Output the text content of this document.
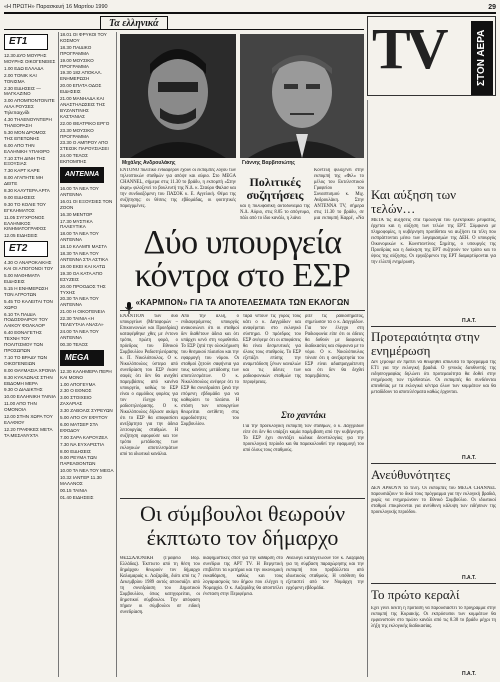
«Η ΠΡΩΤΗ» Παρασκευή 16 Μαρτίου 1990	29
Τα ελληνικά	TV	ΣΤΟΝ ΑΕΡΑ
ΕΤ1
12.30 ΔΥΟ ΜΟΥΡΗΣ ΜΟΥΡΗΣ ΟΙΚΟΓΕΝΕΙΕΣ
1.00 ΕΔΩ ΕΛΛΑΔΑ
2.00 ΤΟΝΙΚ ΚΑΙ ΤΟΝΙΣΜΑ
2.30 ΕΙΔΗΣΕΙΣ — ΜΑΓΚΑΖΙΝΟ
3.00 ΑΠΟΜΠΟΝΤΟΝΙΤΕ ΑΙΛΑ ΡΟΥΣΕΣ Τηλεπαιχνίδι
4.30 ΤΗΛΕΝΟΥΝΤΕΡΗ ΤΗΛΕΟΡΑΣΗ
5.30 ΜΟΝ ΔΡΟΜΟΣ ΤΗΣ ΕΠΕΤΩΝΗΣ
6.00 ΑΠΟ ΤΗΝ ΕΛΛΗΝΙΚΗ ΥΠΑΙΘΡΟ
7.10 ΣΤΗ ΔΙΝΗ ΤΗΣ ΕΞΟΥΣΙΑΣ
7.30 ΚΑΡΤ ΚΑΡΕ
8.00 ΑΓΑΠΗΤΕ ΜΗ ΔΕΙΤΕ
8.30 ΚΑΛΥΤΕΡΑ ΑΡΓΑ
9.00 ΕΙΔΗΣΕΙΣ
9.30 ΤΟ ΚΟΛΙΕ ΤΟΥ ΕΓΚΛΗΜΑΤΟΣ
11.05 ΣΥΓΧΡΟΝΟΣ ΕΛΛΗΝΙΚΟΣ ΚΙΝΗΜΑΤΟΓΡΑΦΟΣ
12.05 ΕΙΔΗΣΕΙΣ
ΕΤ2
4.30 Ο ΑΝΑΡΟΚΑΙΚΗΣ ΚΑΙ ΟΙ ΑΠΟΓΟΝΟΙ ΤΟΥ
5.00 ΜΑΘΗΜΑΤΑ ΕΙΔΗΣΕΙΣ
5.15 Η ΕΝΗΜΕΡΩΣΗ ΤΟΝ ΑΓΡΟΤΩΝ
5.45 ΤΟ ΚΑΛΕΙΤΑΙ ΤΟΝ ΧΩΡΟ
6.10 ΤΑ ΠΑΙΔΙΑ ΠΟΔΟΣΦΑΙΡΟΥ ΤΟΥ ΛΑΙΚΟΥ ΦΟΛΚΛΟΡ
6.40 ΕΘΝΑΓΕΤΗΣ ΤΕΧΝΗ ΤΟΥ ΠΟΛΙΤΙΣΜΟΥ ΤΩΝ ΠΡΟΣΩΠΩΝ
7.10 ΤΟ ΒΡΑΔΥ ΤΩΝ ΟΙΚΟΓΕΝΕΙΩΝ
8.00 ΘΑΥΜΑΣΙΑ ΧΡΟΝΙΑ
8.30 ΚΥΚΛΩΝΑΣ ΣΤΗΝ ΕΒΔΟΜΗ ΜΕΡΑ
9.30 Ο ΔΙΑΔΙΚΤΗΣ
10.00 ΕΛΛΗΝΙΚΗ ΤΑΙΝΙΑ
11.00 ΑΠΟ ΤΗΝ ΟΜΟΝΟΙΑ
12.00 ΣΤΗΝ ΧΩΡΑ ΤΟΥ ΕΛΑΦΙΟΥ
12.20 ΓΡΑΦΙΚΕΣ ΜΕΤΑ ΤΑ ΜΕΣΑΝΥΧΤΑ
18.01 ΟΙ ΦΡΥΚΟΙ ΤΟΥ ΚΟΣΜΟΥ
18.30 ΠΑΙΔΙΚΟ ΠΡΟΓΡΑΜΜΑ
19.00 ΜΟΥΣΙΚΟ ΠΡΟΓΡΑΜΜΑ
19.30 182 ΑΠΟΚΑΛ. ΕΝΗΜΕΡΩΣΗ
20.00 ΕΠΑΤΑ ΟΔΟΣ ΕΙΔΗΣΕΙΣ
21.00 ΜΑΝΗΑΔΑ ΚΑΙ ΑΝΑΣΤΗΛΩΣΕΙΣ ΤΗΣ ΒΥΖΑΝΤΙΝΗΣ ΚΑΣΤΑΝΙΑΣ
22.00 ΘΕΑΤΡΙΚΟ ΕΡΓΟ
23.30 ΜΟΥΣΙΚΟ ΠΡΟΓΡΑΜΜΑ
23.30 Ο ΑΜΠΡΟΥ ΑΠΟ ΣΤΕΙΣΙΚ ΠΑΡΟΥΣΙΑΣΕΙ
24.00 ΤΕΛΟΣ ΕΚΠΟΜΠΗΣ
ANTENNA
16.00 ΤΑ ΝΕΑ ΤΟΥ ANTENNA
16.01 ΟΙ ΕΞΟΥΣΙΕΣ ΤΟΝ ΖΟΟΝ
16.30 ΜΕΝΤΟΡ
17.30 ΜΥΣΤΙΚΑ ΠΑΛΕΥΤΙΚΑ
18.00 ΤΑ ΝΕΑ ΤΟΥ ANTENNA
18.10 ΚΛΑΜΠΙ ΜΑΣΤΑ
18.30 ΤΑ ΝΕΑ ΤΟΥ ANTENNA ΣΤΑ ΑΣΤΙΚΑ
19.00 ΕΚΕΙ ΚΑΙ ΚΑΤΩ
19.30 ΟΑ ΚΑΤΑ ΑΠΟ ΕΣΥΖΕΙΣ
20.00 ΠΡΟΟΔΟΣ ΤΗΣ ΤΥΧΗΣ
20.30 ΤΑ ΝΕΑ ΤΟΥ ANTENNA
21.00 Η ΟΙΚΟΓΕΝΕΙΑ
22.30 ΤΑΙΝΙΑ «Η ΤΕΛΕΥΤΑΙΑ ΑΝΑΣΑ»
24.00 ΤΑ ΝΕΑ ΤΟΥ ANTENNA
00.30 ΤΕΛΟΣ
MEGA
12.30 ΚΑΛΗΜΕΡΑ ΠΕΡΗ ΚΑΙ ΜΟΝΟ
1.00 ΑΠΟΓΕΥΜΑ
2.30 Ο ΕΘΝΟΣ
3.00 ΣΤΟΙΧΕΙΟ ΖΑΧΑΡΙΑΣ
3.30 ΖΑΒΟΛΙΣ ΣΥΡΕΥΩΝ
5.00 ΑΠΟ ΟΥ ΕΦΥΤΟΥ
6.00 ΜΑΤΣΕΡ ΣΤΑ ΕΦΟΔΟΥ
7.00 ΣΑΡΑ ΚΑΡΟΥΖΕΛ
7.30 ΝΑ ΕΥΧΑΡΙΣΤΙΑ
8.00 ΕΙΔΗΣΕΙΣ
9.00 ΡΕΥΜΑ ΤΩΝ ΠΑΡΕΛΘΟΝΤΩΝ
10.00 ΤΑ ΝΕΑ ΤΟΥ MEGA
10.32 ΙΑΝΤΕΡ 11.30 ΜΑΛΑΝΟΣ
00.15 ΤΑΙΝΙΑ
01.40 ΕΙΔΗΣΕΙΣ
Μιχάλης Ανδρουλάκης	Γιάννης Βαρβιτσιώτης
ΕΝΤΟΝΟ πολιτικό ενδιαφέρον έχουν οι εκπομπές λόγου των τηλεοπτικών σταθμών για απόψε και αύριο. Στο MEGA CHANNEL, σήμερα στις 11.30 το βράδυ, η εκπομπή «Στην άκρη» φιλοξενεί το βουλευτή της Ν.Δ. κ. Σταύρο Φαλασ και την συνδυαζόμενη του ΠΑΣΟΚ κ. Ε. Αγγελική. Θέμα της συζήτησης: οι θέσεις της εβδομάδας, οι φοιτητικές παραγρμένες.
Πολιτικές συζητήσεις
και η πολυφάσικη αυτοδυναμία της Ν.Δ. Αύριο, στις 8.05 το απόγευμα, πάλι από το ίδιο κανάλι, η λιάνα
Κοντέλη φιλοξενεί στην εκπομπή της «Φιλ» το μέλος του Εκτελεστικού Γραφείου του Συνασπισμού κ. Μιχ. Ανδρουλάκη. Στην ANTENNA TV, σήμερα στις 11.30 το βράδυ, σε μια εκπομπή Καρρέ, «Να
Δύο υπουργεία κόντρα στο ΕΣΡ
«ΚΑΡΜΠΟΝ» ΓΙΑ ΤΑ ΑΠΟΤΕΛΕΣΜΑΤΑ ΤΩΝ ΕΚΛΟΓΩΝ
ΕΝΑΝΤΙΟΝ των δύο υπουργείων (Μεταφορών – Επικοινωνιών και Προεδρίας) καταφέρθηκε χθες με έντονο τρόπο, πρώτη φορά, ο πρόεδρος του Εθνικού Συμβουλίου Ραδιοτηλεόρασης κ. Π. Νικολόπουλος. Ο κ. Νικολόπουλος ύστερα από συνεδρίαση του ΕΣΡ έκανε σαφές ότι δεν θα ανεχθεί παρεμβάσεις από κανένα υπουργείο, καθώς το ΕΣΡ είναι ο αρμόδιος φορέας για τον έλεγχο της ραδιοτηλεόρασης. Ο κ. Νικολόπουλος δήλωσε ακόμη ότι το ΕΣΡ θα αποφασίσει ανεξάρτητα για την άδεια λειτουργίας σταθμών. Η συζήτηση αφορούσε και τον τρόπο μετάδοσης των εκλογικών αποτελεσμάτων από τα ιδιωτικά κανάλια.
Από την άλλη, ο ενδιαφερόμενος υπουργός ανακοινώνει ότι οι σταθμοί δεν διαθέτουν άδεια και ότι υπάρχει κενό στη νομοθεσία. Το ΕΣΡ ζητά την ολοκλήρωση του θεσμικού πλαισίου και την εφαρμογή του νόμου. Οι σταθμοί ζητούν σαφήνεια για τους κανόνες μετάδοσης των αποτελεσμάτων. Ο κ. Νικολόπουλος ανέφερε ότι το ΕΣΡ θα συνεδριάσει ξανά την επόμενη εβδομάδα για να καθορίσει το πλαίσιο. Η στάση των υπουργείων θεωρείται αντίθετη στις αρμοδιότητες του Συμβουλίου.
τάρα νέτουν τις γύρος τους κάτι ο κ. Δαγγρίδων και αναφέρεται στο εκλογικό σύστημα. Ο πρόεδρος του ΕΣΡ ανέφερε ότι οι αποφάσεις θα είναι δεσμευτικές για όλους τους σταθμούς. Το ΕΣΡ εξετάζει επίσης την αναμετάδοση ξένων καναλιών και τις άδειες των ραδιοφωνικών σταθμών της περιφέρειας.
ρίτε τις ραδιοσήματος, σημείωσαν τα ο κ. Δαγγρίδων. Για τον έλεγχο στη Ραδιοφωνία είπε ότι οι άδειες θα δοθούν με διαφανείς διαδικασίες και σύμφωνα με το νόμο. Ο κ. Νικολόπουλος τόνισε ότι η ανεξαρτησία του ΕΣΡ είναι αδιαπραγμάτευτη και ότι δεν θα δεχθεί παρεμβάσεις.
Στο χαντάκι
Για την προεκλογική εκπομπή των σταθμών, ο κ. Δαγγρίδων είπε ότι δεν θα υπάρξει καμία παρέμβαση από την κυβέρνηση. Το ΕΣΡ έχει συντάξει κώδικα δεοντολογίας για την προεκλογική περίοδο και θα παρακολουθεί την εφαρμογή του από όλους τους σταθμούς.
Οι σύμβουλοι θεωρούν έκπτωτο τον δήμαρχο
ΘΕΣΣΑΛΟΝΙΚΗ (Γραφείο Βορ. Ελλάδας). Έκπτωτο από τη θέση του δημάρχου θεωρούν τον δήμαρχο Καλαμαριάς κ. Λαζαρίδη, διότι από τις 7 Δεκεμβρίου 1989 αυτός απουσιάζει από τη συνεδρίαση του Δημοτικού Συμβουλίου, όπως κατηγορείται, οι δημοτικοί σύμβουλοι. Την απόφαση πήραν οι σύμβουλοι σε ειδική συνεδρίαση.
διαφημιστικές σποτ για την κάθαρση στο συνέδριο της ΑΡΤ TV. Η Βεργετική επιβλέπει τα κριτήρια και την οικονομική εκκαθάριση, καθώς και τους λογαριασμούς του δήμου που ελέγχει η Νομαρχία. Ο κ. Λαζαρίδης θα αποστείλει ένσταση στην Περιφέρεια.
Ανάλογα καταγγέλλουν τον κ. Λαζαρίδη για τη σύμβαση παραχώρησης και την εκπομπή που προβάλλεται από ιδιωτικούς σταθμούς. Η υπόθεση θα εξεταστεί από τον Νομάρχη την ερχόμενη εβδομάδα.
Και αύξηση των τελών…
ΜΕΤΑ τις αυξήσεις στα τιμολόγια του ηλεκτρικού ρεύματος, έρχεται και η αύξηση των τελών της ΕΡΤ. Σύμφωνα με πληροφορίες, η κυβέρνηση προτίθεται να αυξήσει τα τέλη που εισπράττονται μέσω των λογαριασμών της ΔΕΗ. Ο υπουργός Οικονομικών κ. Κωνσταντίνος Σημίτης, ο υπουργός της Προεδρίας και η διοίκηση της ΕΡΤ συζητούν τον τρόπο και το ύψος της αύξησης. Οι εργαζόμενοι της ΕΡΤ διαμαρτύρονται για την ελλιπή ενημέρωση.
Π.Α.Τ.
Προτεραιότητα στην ενημέρωση
Δεν ξέρουμε αν πρέπει να θεωρηθεί απόλυτα το πρόγραμμα της ΕΤ1 για την εκλογική βραδιά. Ο γενικός διευθυντής της ειδησεογραφίας δηλώνει ότι προτεραιότητα θα δοθεί στην ενημέρωση των τηλεθεατών. Οι εκπομπές θα συνδέονται απευθείας με τα εκλογικά κέντρα όλων των κομμάτων και θα μεταδίδουν τα αποτελέσματα καθώς έρχονται.
Π.Α.Τ.
Ανεύθυνότητες
ΔΕΝ ΑΡΚΟΥΝ τα τέλη. Οι εκπομπές του MEGA CHANNEL παρουσιάζουν το δικό τους πρόγραμμα για την εκλογική βραδιά, χωρίς να ενημερώνουν το Εθνικό Συμβούλιο. Οι ιδιωτικοί σταθμοί επικρίνονται για ανεύθυνη κάλυψη των ειδήσεων της προεκλογικής περιόδου.
Π.Α.Τ.
Το πρώτο κεραλί
Εχει γίνει δεκτή η πρόταση να παρουσιαστεί το πρόγραμμα στην εκπομπή της Κυριακής. Οι εκπρόσωποι των κομμάτων θα εμφανιστούν στο πρώτο κανάλι από τις 8.30 το βράδυ μέχρι τη λήξη της εκλογικής διαδικασίας.
Π.Α.Τ.
